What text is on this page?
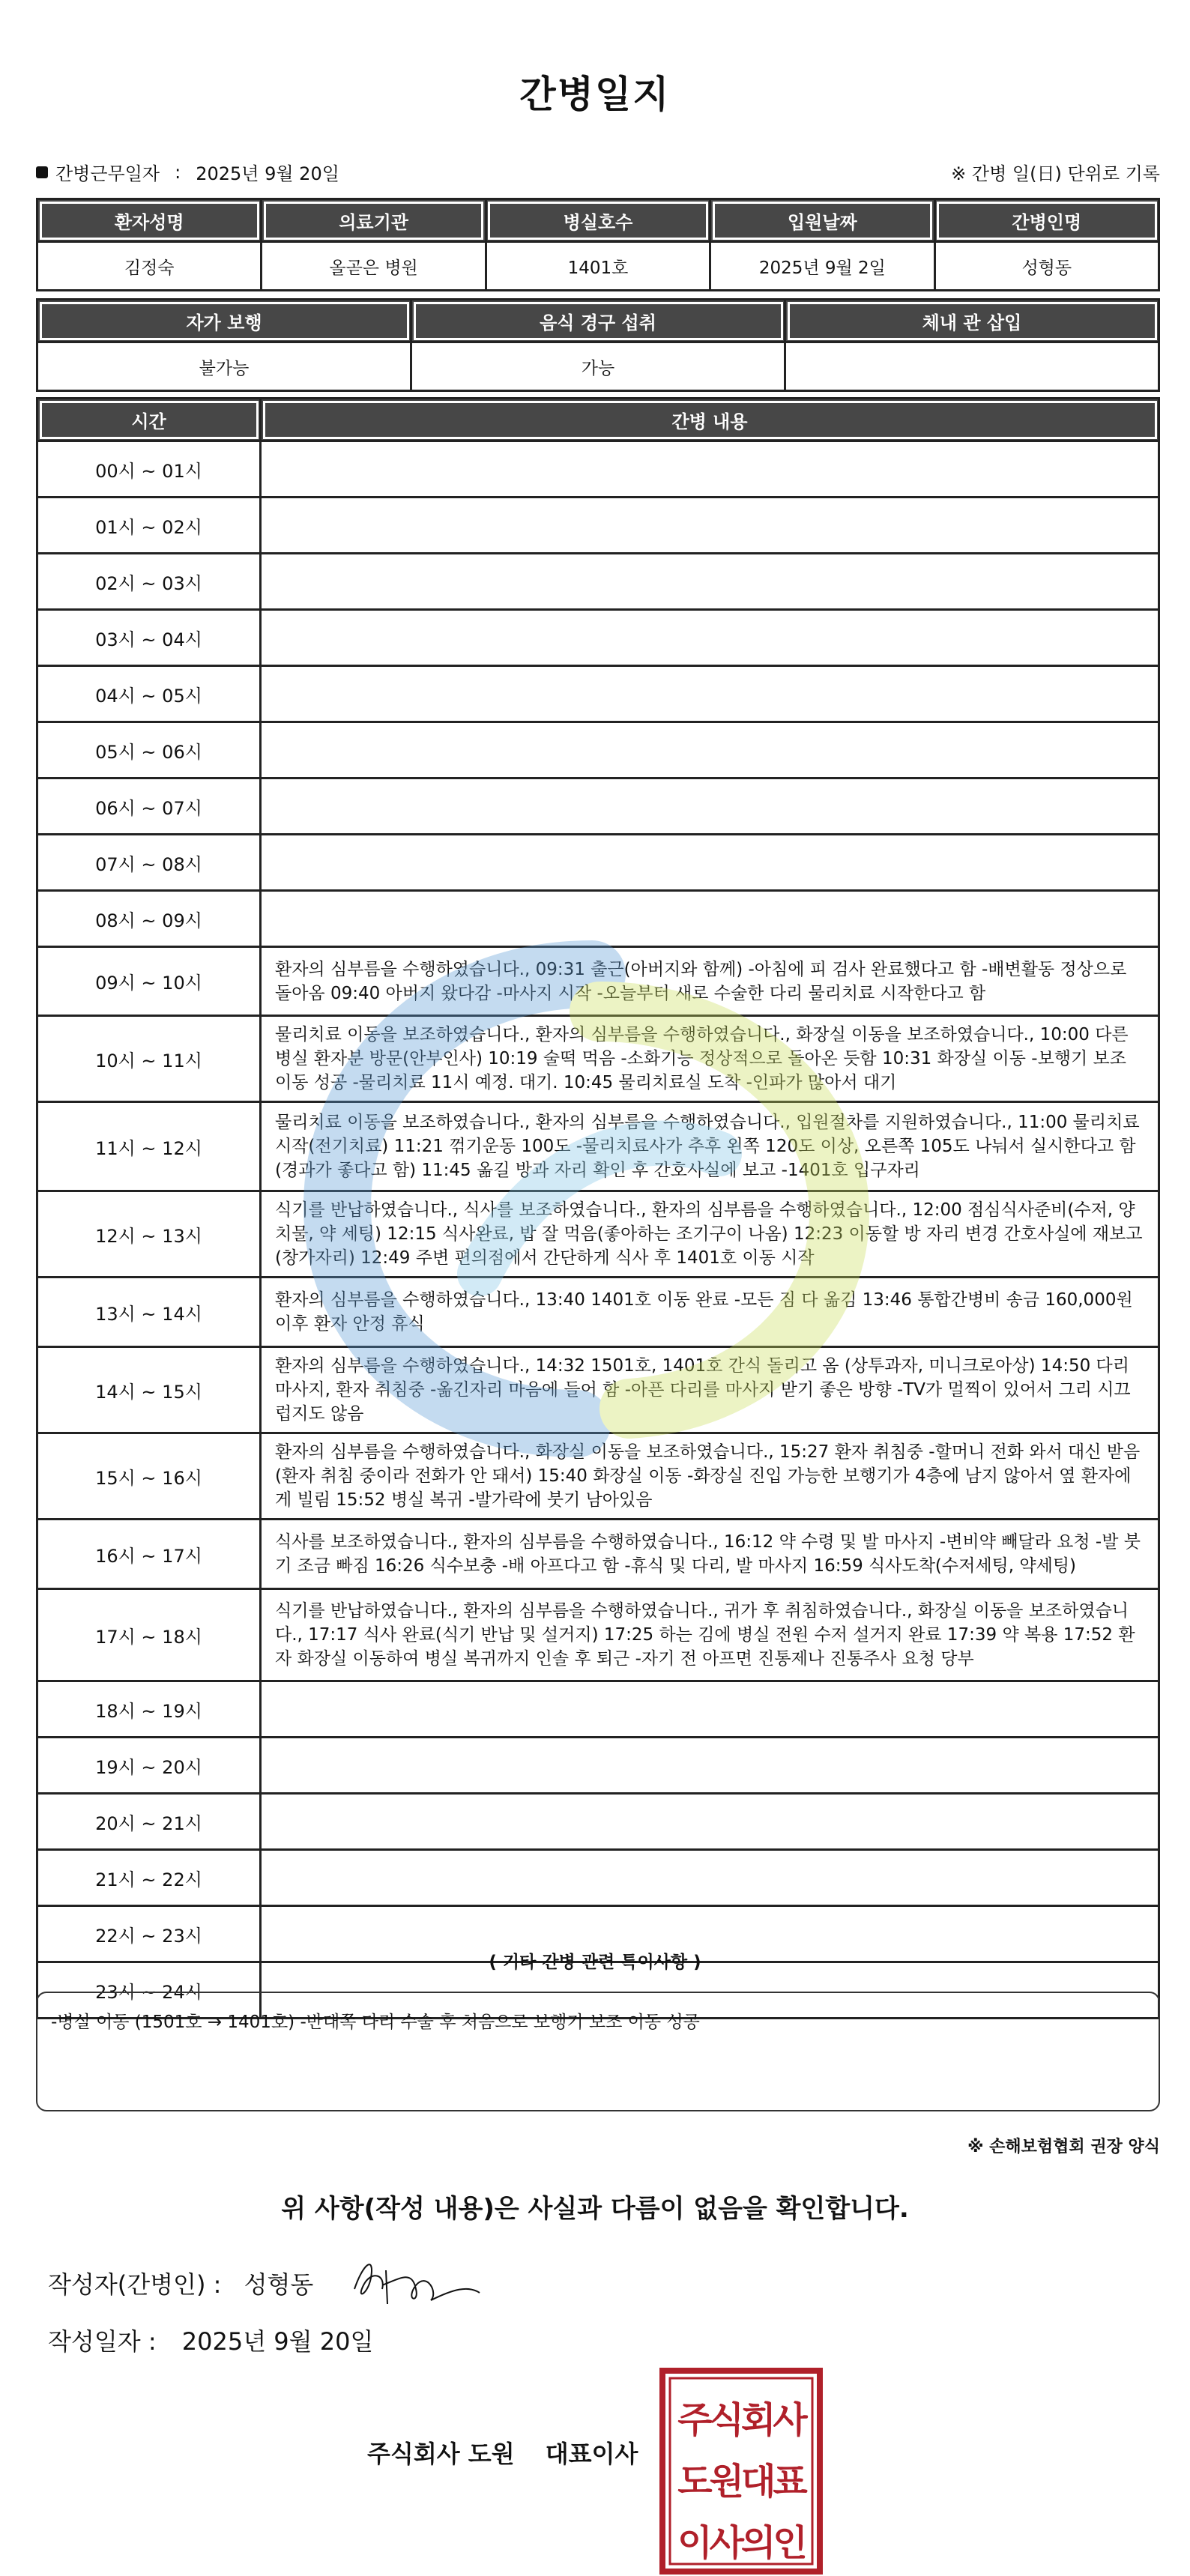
간병일지
간병근무일자 : 2025년 9월 20일	※ 간병 일(日) 단위로 기록
환자성명	의료기관	병실호수	입원날짜	간병인명
김정숙	올곧은 병원	1401호	2025년 9월 2일	성형동
자가 보행	음식 경구 섭취	체내 관 삽입
불가능	가능	
시간	간병 내용
00시 ~ 01시	
01시 ~ 02시	
02시 ~ 03시	
03시 ~ 04시	
04시 ~ 05시	
05시 ~ 06시	
06시 ~ 07시	
07시 ~ 08시	
08시 ~ 09시	
09시 ~ 10시	환자의 심부름을 수행하였습니다., 09:31 출근(아버지와 함께) -아침에 피 검사 완료했다고 함 -배변활동 정상으로 돌아옴 09:40 아버지 왔다감 -마사지 시작 -오늘부터 새로 수술한 다리 물리치료 시작한다고 함
10시 ~ 11시	물리치료 이동을 보조하였습니다., 환자의 심부름을 수행하였습니다., 화장실 이동을 보조하였습니다., 10:00 다른 병실 환자분 방문(안부인사) 10:19 술떡 먹음 -소화기능 정상적으로 돌아온 듯함 10:31 화장실 이동 -보행기 보조 이동 성공 -물리치료 11시 예정. 대기. 10:45 물리치료실 도착 -인파가 많아서 대기
11시 ~ 12시	물리치료 이동을 보조하였습니다., 환자의 심부름을 수행하였습니다., 입원절차를 지원하였습니다., 11:00 물리치료 시작(전기치료) 11:21 꺾기운동 100도 -물리치료사가 추후 왼쪽 120도 이상, 오른쪽 105도 나눠서 실시한다고 함(경과가 좋다고 함) 11:45 옮길 방과 자리 확인 후 간호사실에 보고 -1401호 입구자리
12시 ~ 13시	식기를 반납하였습니다., 식사를 보조하였습니다., 환자의 심부름을 수행하였습니다., 12:00 점심식사준비(수저, 양치물, 약 세팅) 12:15 식사완료, 밥 잘 먹음(좋아하는 조기구이 나옴) 12:23 이동할 방 자리 변경 간호사실에 재보고(창가자리) 12:49 주변 편의점에서 간단하게 식사 후 1401호 이동 시작
13시 ~ 14시	환자의 심부름을 수행하였습니다., 13:40 1401호 이동 완료 -모든 짐 다 옮김 13:46 통합간병비 송금 160,000원 이후 환자 안정 휴식
14시 ~ 15시	환자의 심부름을 수행하였습니다., 14:32 1501호, 1401호 간식 돌리고 옴 (상투과자, 미니크로아상) 14:50 다리마사지, 환자 취침중 -옮긴자리 마음에 들어 함 -아픈 다리를 마사지 받기 좋은 방향 -TV가 멀찍이 있어서 그리 시끄럽지도 않음
15시 ~ 16시	환자의 심부름을 수행하였습니다., 화장실 이동을 보조하였습니다., 15:27 환자 취침중 -할머니 전화 와서 대신 받음(환자 취침 중이라 전화가 안 돼서) 15:40 화장실 이동 -화장실 진입 가능한 보행기가 4층에 남지 않아서 옆 환자에게 빌림 15:52 병실 복귀 -발가락에 붓기 남아있음
16시 ~ 17시	식사를 보조하였습니다., 환자의 심부름을 수행하였습니다., 16:12 약 수령 및 발 마사지 -변비약 빼달라 요청 -발 붓기 조금 빠짐 16:26 식수보충 -배 아프다고 함 -휴식 및 다리, 발 마사지 16:59 식사도착(수저세팅, 약세팅)
17시 ~ 18시	식기를 반납하였습니다., 환자의 심부름을 수행하였습니다., 귀가 후 취침하였습니다., 화장실 이동을 보조하였습니다., 17:17 식사 완료(식기 반납 및 설거지) 17:25 하는 김에 병실 전원 수저 설거지 완료 17:39 약 복용 17:52 환자 화장실 이동하여 병실 복귀까지 인솔 후 퇴근 -자기 전 아프면 진통제나 진통주사 요청 당부
18시 ~ 19시	
19시 ~ 20시	
20시 ~ 21시	
21시 ~ 22시	
22시 ~ 23시	
23시 ~ 24시	
( 기타 간병 관련 특이사항 )
-병실 이동 (1501호 → 1401호) -반대쪽 다리 수술 후 처음으로 보행기 보조 이동 성공
※ 손해보험협회 권장 양식
위 사항(작성 내용)은 사실과 다름이 없음을 확인합니다.
작성자(간병인) : 성형동
작성일자 : 2025년 9월 20일
주식회사 도원 대표이사
주식회사
도원대표
이사의인
